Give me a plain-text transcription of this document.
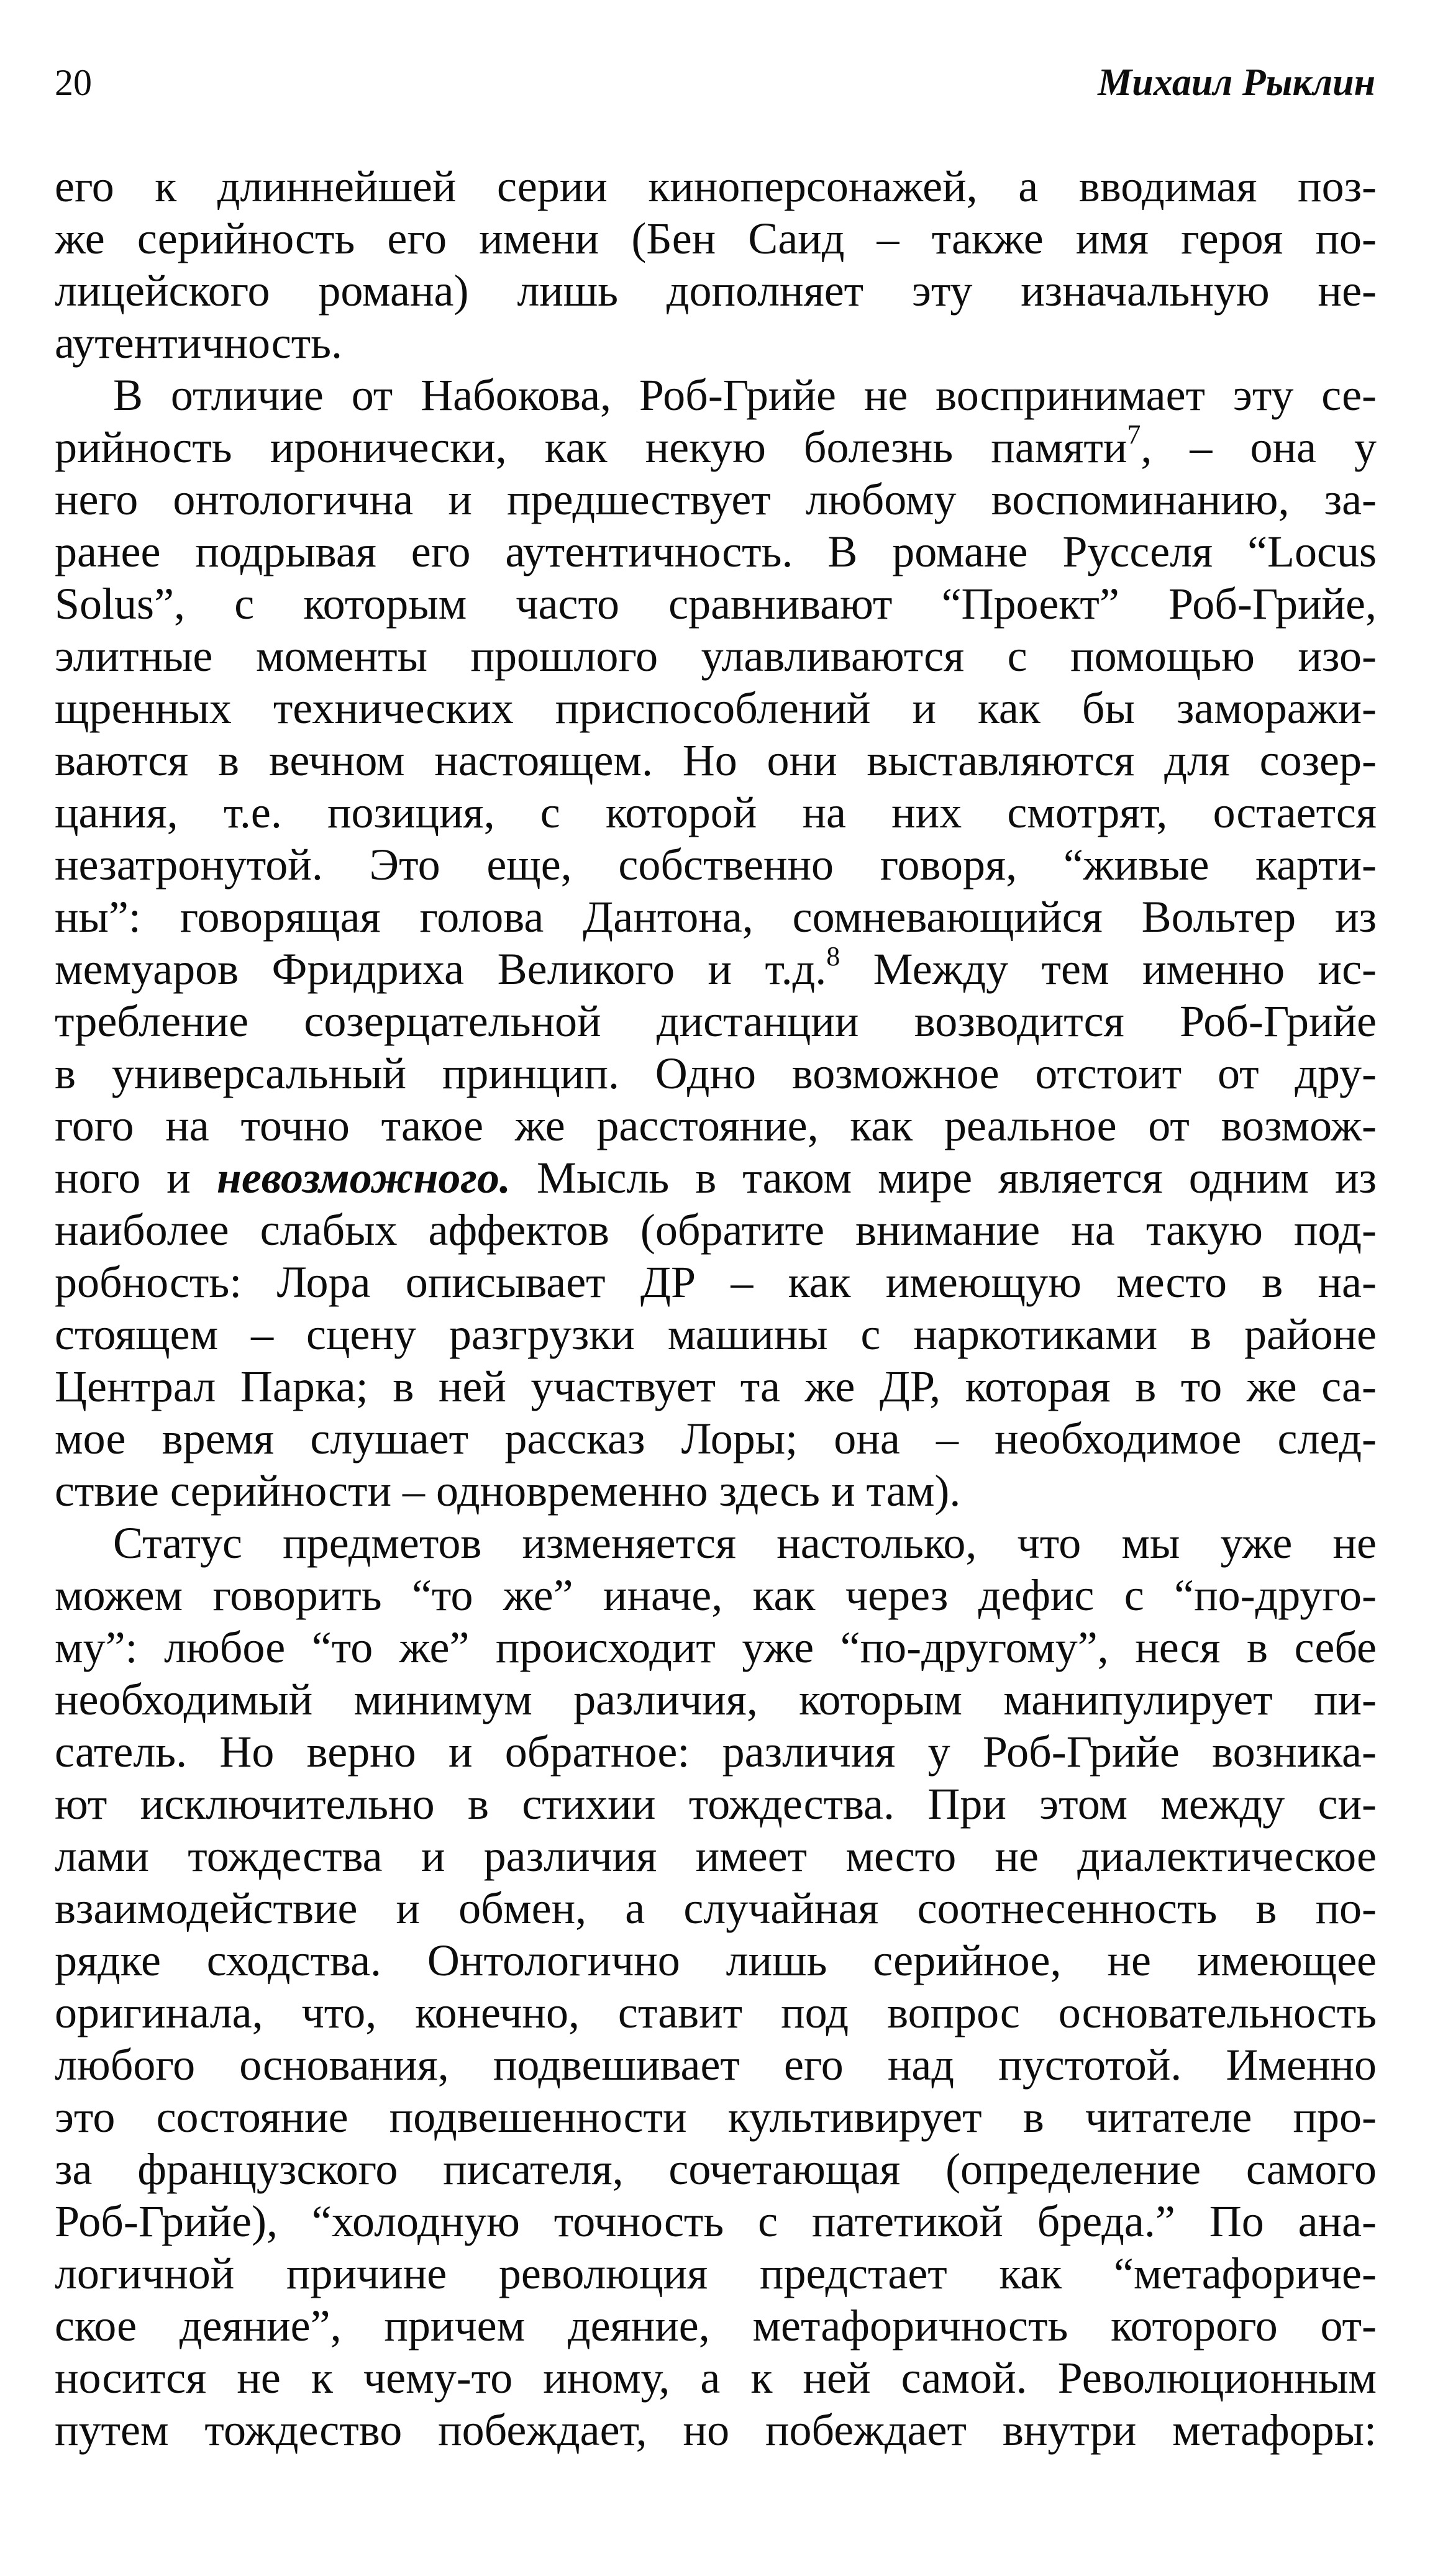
20	Михаил Рыклин
его к длиннейшей серии киноперсонажей, а вводимая поз-
же серийность его имени (Бен Саид – также имя героя по-
лицейского романа) лишь дополняет эту изначальную не-
аутентичность.
В отличие от Набокова, Роб-Грийе не воспринимает эту се-
рийность иронически, как некую болезнь памяти$^7$, – она у
него онтологична и предшествует любому воспоминанию, за-
ранее подрывая его аутентичность. В романе Русселя “Locus
Solus”, с которым часто сравнивают “Проект” Роб-Грийе,
элитные моменты прошлого улавливаются с помощью изо-
щренных технических приспособлений и как бы заморажи-
ваются в вечном настоящем. Но они выставляются для созер-
цания, т.е. позиция, с которой на них смотрят, остается
незатронутой. Это еще, собственно говоря, “живые карти-
ны”: говорящая голова Дантона, сомневающийся Вольтер из
мемуаров Фридриха Великого и т.д.$^8$ Между тем именно ис-
требление созерцательной дистанции возводится Роб-Грийе
в универсальный принцип. Одно возможное отстоит от дру-
гого на точно такое же расстояние, как реальное от возмож-
ного и невозможного. Мысль в таком мире является одним из
наиболее слабых аффектов (обратите внимание на такую под-
робность: Лора описывает ДР – как имеющую место в на-
стоящем – сцену разгрузки машины с наркотиками в районе
Централ Парка; в ней участвует та же ДР, которая в то же са-
мое время слушает рассказ Лоры; она – необходимое след-
ствие серийности – одновременно здесь и там).
Статус предметов изменяется настолько, что мы уже не
можем говорить “то же” иначе, как через дефис с “по-друго-
му”: любое “то же” происходит уже “по-другому”, неся в себе
необходимый минимум различия, которым манипулирует пи-
сатель. Но верно и обратное: различия у Роб-Грийе возника-
ют исключительно в стихии тождества. При этом между си-
лами тождества и различия имеет место не диалектическое
взаимодействие и обмен, а случайная соотнесенность в по-
рядке сходства. Онтологично лишь серийное, не имеющее
оригинала, что, конечно, ставит под вопрос основательность
любого основания, подвешивает его над пустотой. Именно
это состояние подвешенности культивирует в читателе про-
за французского писателя, сочетающая (определение самого
Роб-Грийе), “холодную точность с патетикой бреда.” По ана-
логичной причине революция предстает как “метафориче-
ское деяние”, причем деяние, метафоричность которого от-
носится не к чему-то иному, а к ней самой. Революционным
путем тождество побеждает, но побеждает внутри метафоры:
